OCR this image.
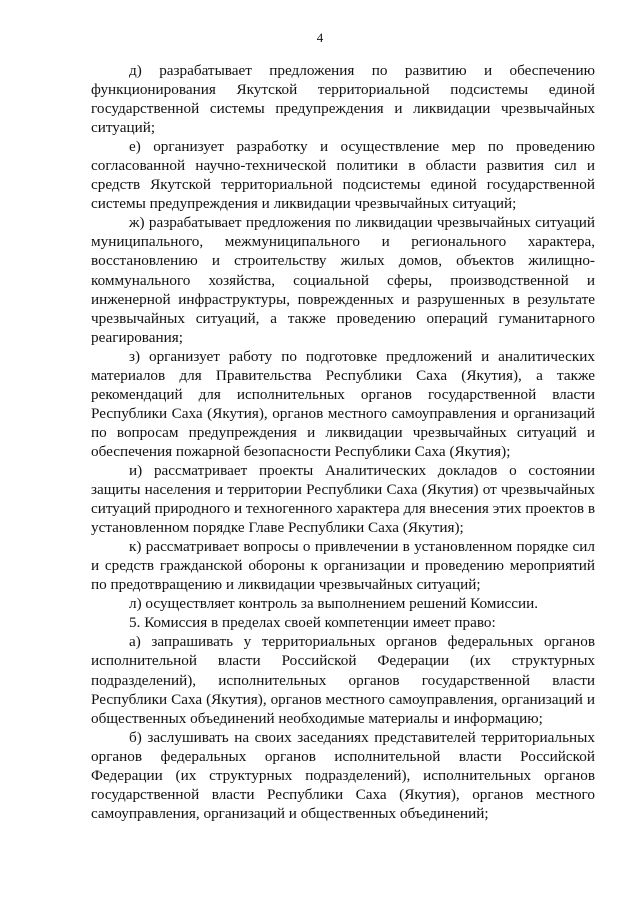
4

д) разрабатывает предложения по развитию и обеспечению функционирования Якутской территориальной подсистемы единой государственной системы предупреждения и ликвидации чрезвычайных ситуаций;

е) организует разработку и осуществление мер по проведению согласованной научно-технической политики в области развития сил и средств Якутской территориальной подсистемы единой государственной системы предупреждения и ликвидации чрезвычайных ситуаций;

ж) разрабатывает предложения по ликвидации чрезвычайных ситуаций муниципального, межмуниципального и регионального характера, восстановлению и строительству жилых домов, объектов жилищно-коммунального хозяйства, социальной сферы, производственной и инженерной инфраструктуры, поврежденных и разрушенных в результате чрезвычайных ситуаций, а также проведению операций гуманитарного реагирования;

з) организует работу по подготовке предложений и аналитических материалов для Правительства Республики Саха (Якутия), а также рекомендаций для исполнительных органов государственной власти Республики Саха (Якутия), органов местного самоуправления и организаций по вопросам предупреждения и ликвидации чрезвычайных ситуаций и обеспечения пожарной безопасности Республики Саха (Якутия);

и) рассматривает проекты Аналитических докладов о состоянии защиты населения и территории Республики Саха (Якутия) от чрезвычайных ситуаций природного и техногенного характера для внесения этих проектов в установленном порядке Главе Республики Саха (Якутия);

к) рассматривает вопросы о привлечении в установленном порядке сил и средств гражданской обороны к организации и проведению мероприятий по предотвращению и ликвидации чрезвычайных ситуаций;

л) осуществляет контроль за выполнением решений Комиссии.

5. Комиссия в пределах своей компетенции имеет право:

а) запрашивать у территориальных органов федеральных органов исполнительной власти Российской Федерации (их структурных подразделений), исполнительных органов государственной власти Республики Саха (Якутия), органов местного самоуправления, организаций и общественных объединений необходимые материалы и информацию;

б) заслушивать на своих заседаниях представителей территориальных органов федеральных органов исполнительной власти Российской Федерации (их структурных подразделений), исполнительных органов государственной власти Республики Саха (Якутия), органов местного самоуправления, организаций и общественных объединений;
